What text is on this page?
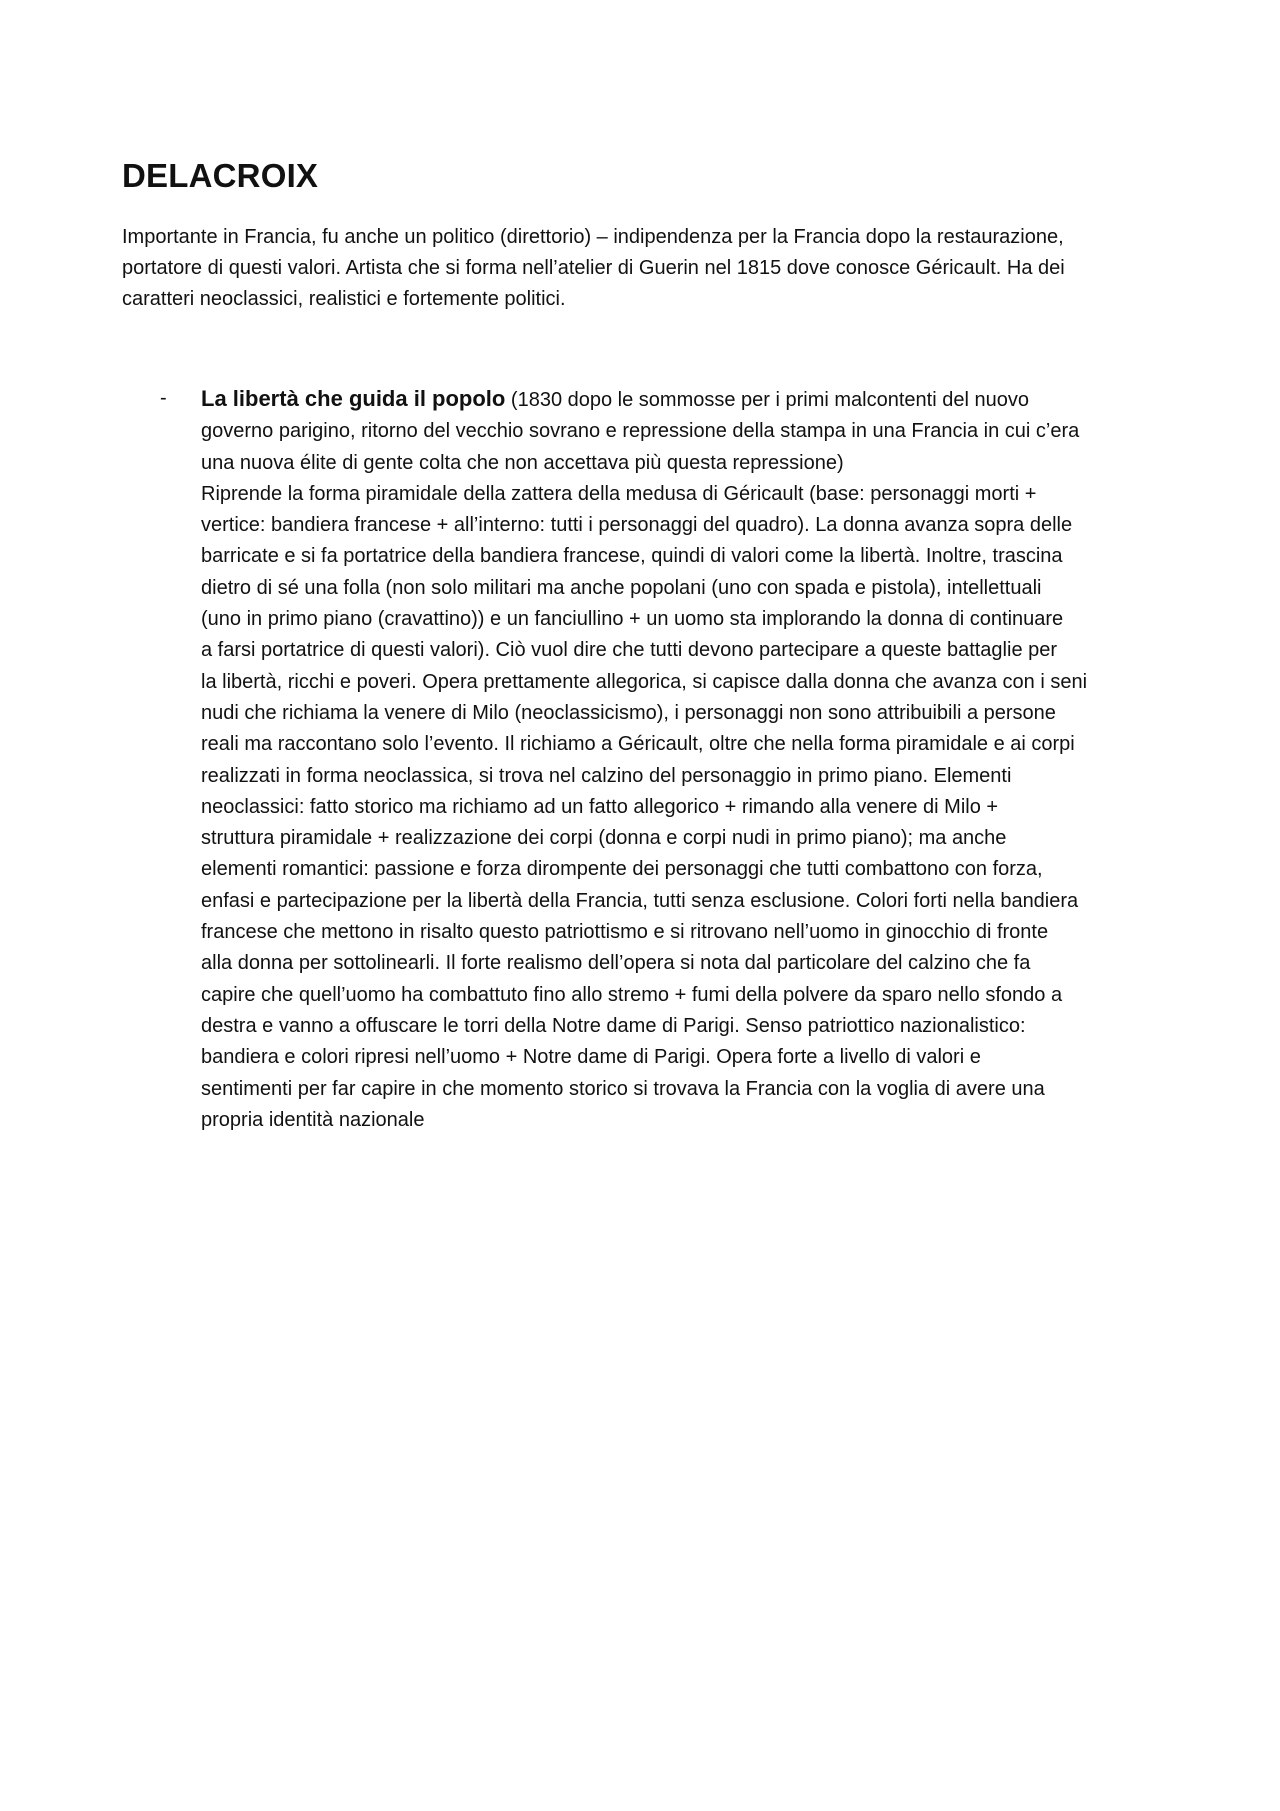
DELACROIX

Importante in Francia, fu anche un politico (direttorio) – indipendenza per la Francia dopo la restaurazione,
portatore di questi valori. Artista che si forma nell’atelier di Guerin nel 1815 dove conosce Géricault. Ha dei
caratteri neoclassici, realistici e fortemente politici.

- La libertà che guida il popolo (1830 dopo le sommosse per i primi malcontenti del nuovo
governo parigino, ritorno del vecchio sovrano e repressione della stampa in una Francia in cui c’era
una nuova élite di gente colta che non accettava più questa repressione)
Riprende la forma piramidale della zattera della medusa di Géricault (base: personaggi morti +
vertice: bandiera francese + all’interno: tutti i personaggi del quadro). La donna avanza sopra delle
barricate e si fa portatrice della bandiera francese, quindi di valori come la libertà. Inoltre, trascina
dietro di sé una folla (non solo militari ma anche popolani (uno con spada e pistola), intellettuali
(uno in primo piano (cravattino)) e un fanciullino + un uomo sta implorando la donna di continuare
a farsi portatrice di questi valori). Ciò vuol dire che tutti devono partecipare a queste battaglie per
la libertà, ricchi e poveri. Opera prettamente allegorica, si capisce dalla donna che avanza con i seni
nudi che richiama la venere di Milo (neoclassicismo), i personaggi non sono attribuibili a persone
reali ma raccontano solo l’evento. Il richiamo a Géricault, oltre che nella forma piramidale e ai corpi
realizzati in forma neoclassica, si trova nel calzino del personaggio in primo piano. Elementi
neoclassici: fatto storico ma richiamo ad un fatto allegorico + rimando alla venere di Milo +
struttura piramidale + realizzazione dei corpi (donna e corpi nudi in primo piano); ma anche
elementi romantici: passione e forza dirompente dei personaggi che tutti combattono con forza,
enfasi e partecipazione per la libertà della Francia, tutti senza esclusione. Colori forti nella bandiera
francese che mettono in risalto questo patriottismo e si ritrovano nell’uomo in ginocchio di fronte
alla donna per sottolinearli. Il forte realismo dell’opera si nota dal particolare del calzino che fa
capire che quell’uomo ha combattuto fino allo stremo + fumi della polvere da sparo nello sfondo a
destra e vanno a offuscare le torri della Notre dame di Parigi. Senso patriottico nazionalistico:
bandiera e colori ripresi nell’uomo + Notre dame di Parigi. Opera forte a livello di valori e
sentimenti per far capire in che momento storico si trovava la Francia con la voglia di avere una
propria identità nazionale
